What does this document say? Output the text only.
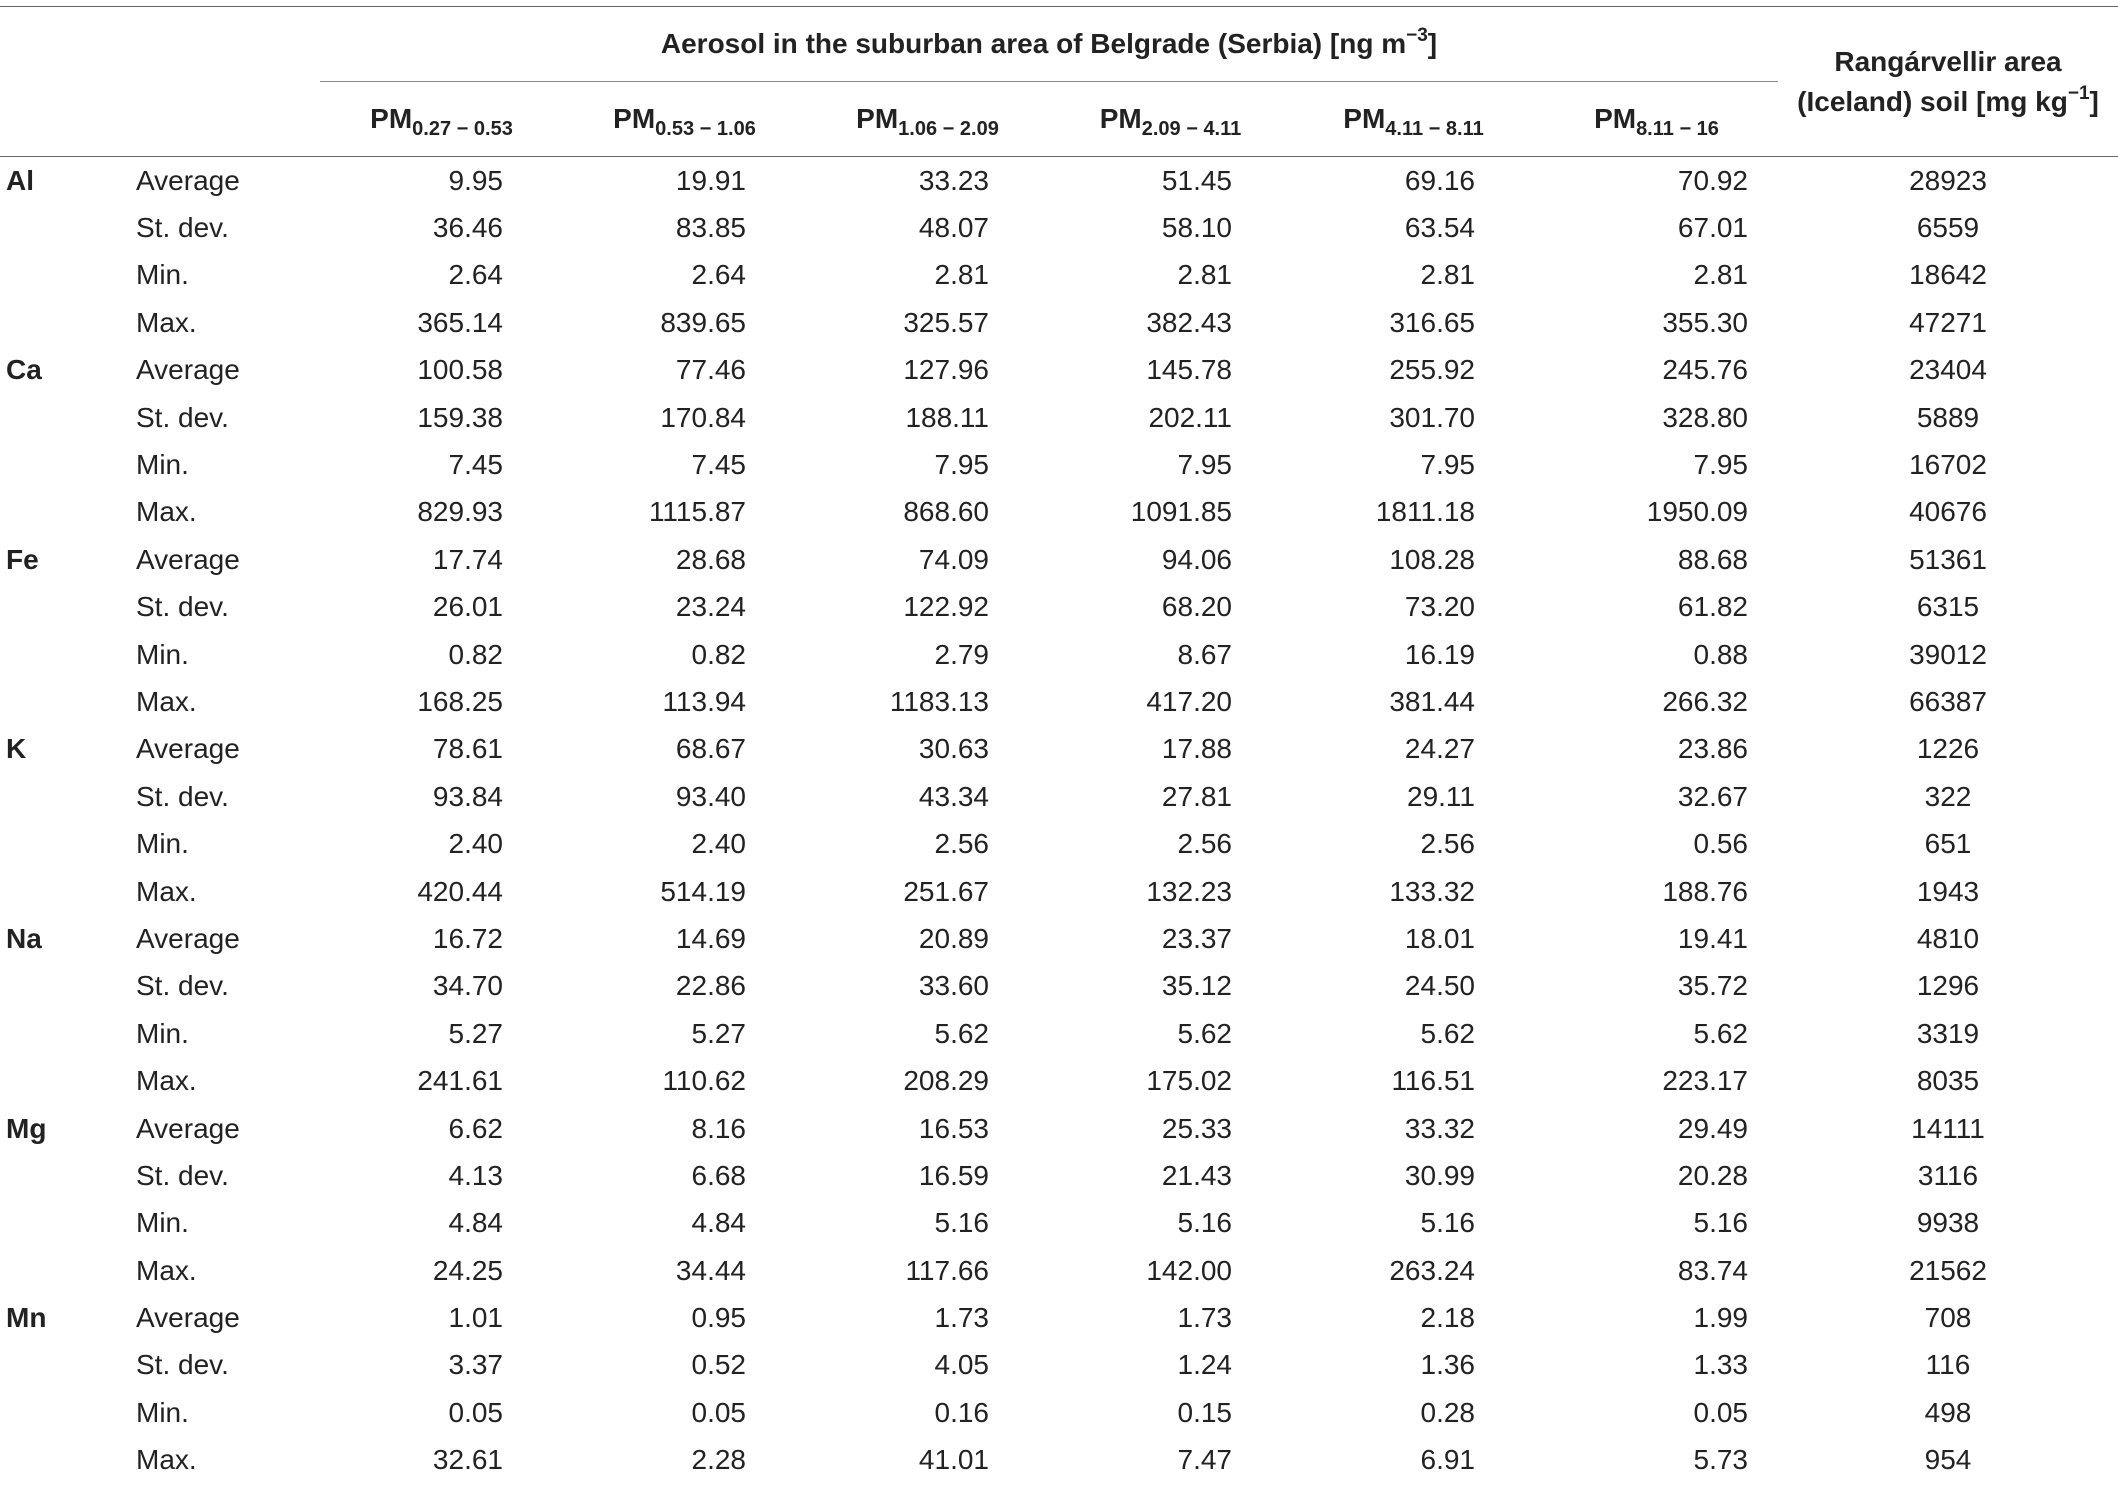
		Aerosol in the suburban area of Belgrade (Serbia) [ng $m^{-3}$]						Rangárvellir area
(Iceland) soil [mg $kg^{-1}$]
		$PM_{0.27 - 0.53}$	$PM_{0.53 - 1.06}$	$PM_{1.06 - 2.09}$	$PM_{2.09 - 4.11}$	$PM_{4.11 - 8.11}$	$PM_{8.11 - 16}$
Al	Average	9.95	19.91	33.23	51.45	69.16	70.92	28923
	St. dev.	36.46	83.85	48.07	58.10	63.54	67.01	6559
	Min.	2.64	2.64	2.81	2.81	2.81	2.81	18642
	Max.	365.14	839.65	325.57	382.43	316.65	355.30	47271
Ca	Average	100.58	77.46	127.96	145.78	255.92	245.76	23404
	St. dev.	159.38	170.84	188.11	202.11	301.70	328.80	5889
	Min.	7.45	7.45	7.95	7.95	7.95	7.95	16702
	Max.	829.93	1115.87	868.60	1091.85	1811.18	1950.09	40676
Fe	Average	17.74	28.68	74.09	94.06	108.28	88.68	51361
	St. dev.	26.01	23.24	122.92	68.20	73.20	61.82	6315
	Min.	0.82	0.82	2.79	8.67	16.19	0.88	39012
	Max.	168.25	113.94	1183.13	417.20	381.44	266.32	66387
K	Average	78.61	68.67	30.63	17.88	24.27	23.86	1226
	St. dev.	93.84	93.40	43.34	27.81	29.11	32.67	322
	Min.	2.40	2.40	2.56	2.56	2.56	0.56	651
	Max.	420.44	514.19	251.67	132.23	133.32	188.76	1943
Na	Average	16.72	14.69	20.89	23.37	18.01	19.41	4810
	St. dev.	34.70	22.86	33.60	35.12	24.50	35.72	1296
	Min.	5.27	5.27	5.62	5.62	5.62	5.62	3319
	Max.	241.61	110.62	208.29	175.02	116.51	223.17	8035
Mg	Average	6.62	8.16	16.53	25.33	33.32	29.49	14111
	St. dev.	4.13	6.68	16.59	21.43	30.99	20.28	3116
	Min.	4.84	4.84	5.16	5.16	5.16	5.16	9938
	Max.	24.25	34.44	117.66	142.00	263.24	83.74	21562
Mn	Average	1.01	0.95	1.73	1.73	2.18	1.99	708
	St. dev.	3.37	0.52	4.05	1.24	1.36	1.33	116
	Min.	0.05	0.05	0.16	0.15	0.28	0.05	498
	Max.	32.61	2.28	41.01	7.47	6.91	5.73	954
